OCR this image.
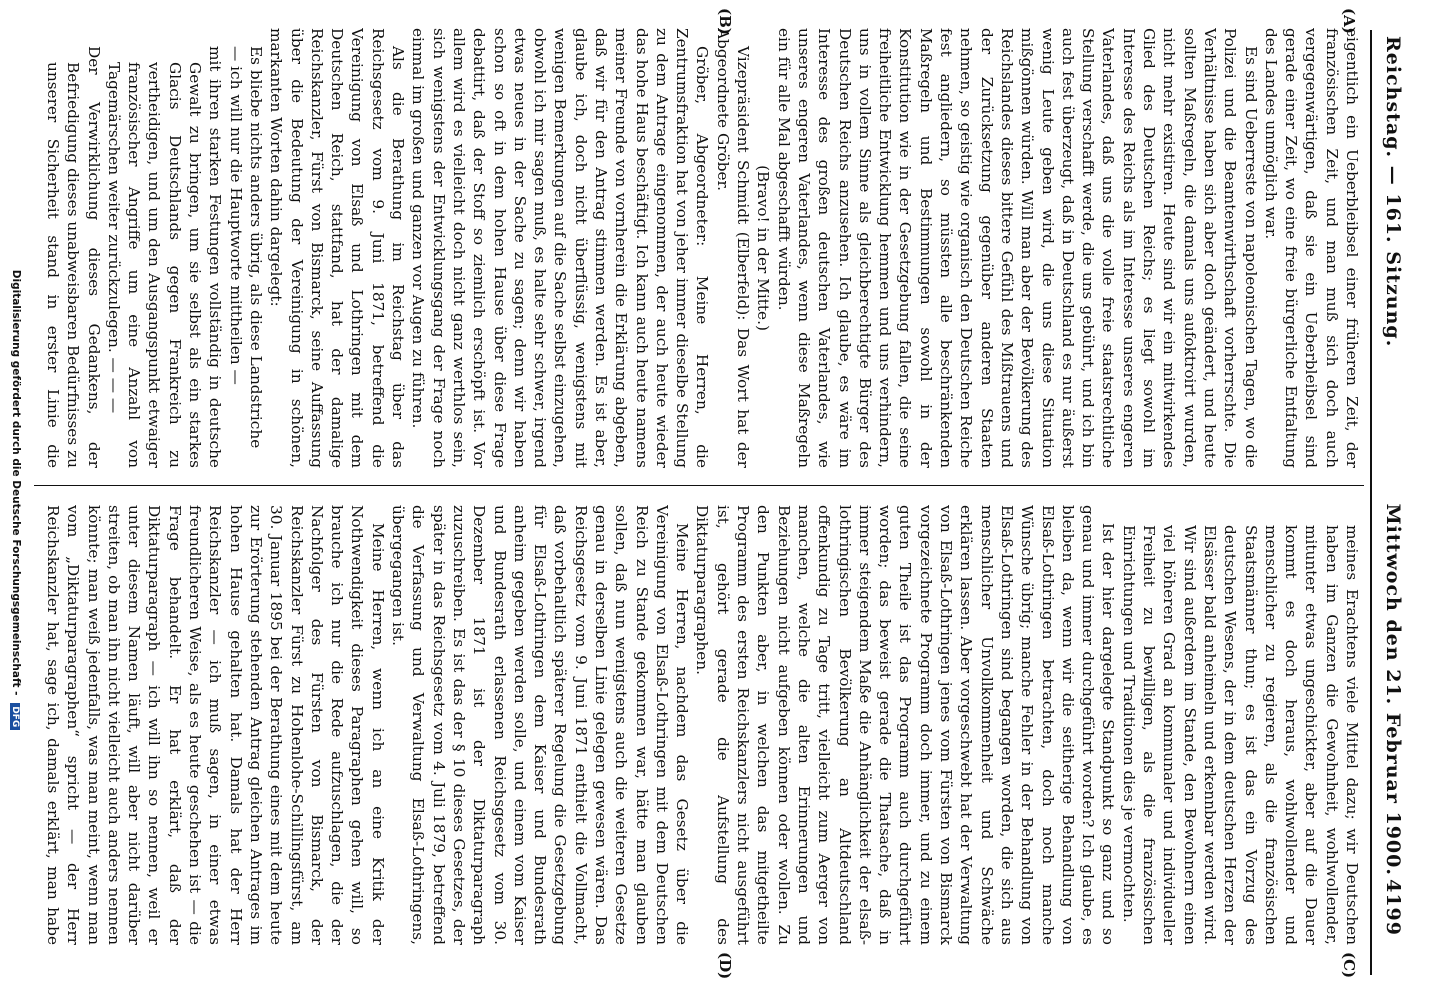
Reichstag. — 161. Sitzung.
Mittwoch den 21. Februar 1900.
4199
(A)
(B)
(C)
(D)

eigentlich ein Ueberbleibsel einer früheren Zeit, der französischen Zeit, und man muß sich doch auch vergegenwärtigen, daß sie ein Ueberbleibsel sind gerade einer Zeit, wo eine freie bürgerliche Entfaltung des Landes unmöglich war.

Es sind Ueberreste von napoleonischen Tagen, wo die Polizei und die Beamtenwirthschaft vorherrschte. Die Verhältnisse haben sich aber doch geändert, und heute sollten Maßregeln, die damals uns aufoktroirt wurden, nicht mehr existiren. Heute sind wir ein mitwirkendes Glied des Deutschen Reichs; es liegt sowohl im Interesse des Reichs als im Interesse unseres engeren Vaterlandes, daß uns die volle freie staatsrechtliche Stellung verschafft werde, die uns gebührt, und ich bin auch fest überzeugt, daß in Deutschland es nur äußerst wenig Leute geben wird, die uns diese Situation mißgönnen würden. Will man aber der Bevölkerung des Reichslandes dieses bittere Gefühl des Mißtrauens und der Zurücksetzung gegenüber anderen Staaten nehmen, so geistig wie organisch den Deutschen Reiche fest angliedern, so müssten alle beschränkenden Maßregeln und Bestimmungen sowohl in der Konstitution wie in der Gesetzgebung fallen, die seine freiheitliche Entwicklung hemmen und uns verhindern, uns in vollem Sinne als gleichberechtigte Bürger des Deutschen Reichs anzusehen. Ich glaube, es wäre im Interesse des großen deutschen Vaterlandes, wie unseres engeren Vaterlandes, wenn diese Maßregeln ein für alle Mal abgeschafft würden.

(Bravo! in der Mitte.)

Vizepräsident Schmidt (Elberfeld): Das Wort hat der Abgeordnete Gröber.

Gröber, Abgeordneter: Meine Herren, die Zentrumsfraktion hat von jeher immer dieselbe Stellung zu dem Antrage eingenommen, der auch heute wieder das hohe Haus beschäftigt. Ich kann auch heute namens meiner Freunde von vornherein die Erklärung abgeben, daß wir für den Antrag stimmen werden. Es ist aber, glaube ich, doch nicht überflüssig, wenigstens mit wenigen Bemerkungen auf die Sache selbst einzugehen, obwohl ich mir sagen muß, es halte sehr schwer, irgend etwas neues in der Sache zu sagen; denn wir haben schon so oft in dem hohen Hause über diese Frage debattirt, daß der Stoff so ziemlich erschöpft ist. Vor allem wird es vielleicht doch nicht ganz werthlos sein, sich wenigstens der Entwicklungsgang der Frage noch einmal im großen und ganzen vor Augen zu führen.

Als die Berathung im Reichstag über das Reichsgesetz vom 9. Juni 1871, betreffend die Vereinigung von Elsaß und Lothringen mit dem Deutschen Reich, stattfand, hat der damalige Reichskanzler, Fürst von Bismarck, seine Auffassung über die Bedeutung der Vereinigung in schönen, markanten Worten dahin dargelegt:

Es bliebe nichts anders übrig, als diese Landstriche

— ich will nur die Hauptworte mittheilen —

mit ihren starken Festungen vollständig in deutsche Gewalt zu bringen, um sie selbst als ein starkes Glacis Deutschlands gegen Frankreich zu vertheidigen, und um den Ausgangspunkt etwaiger französischer Angriffe um eine Anzahl von Tagemärschen weiter zurückzulegen. — — —

Der Verwirklichung dieses Gedankens, der Befriedigung dieses unabweisbaren Bedürfnisses zu unserer Sicherheit stand in erster Linie die

meines Erachtens viele Mittel dazu; wir Deutschen haben im Ganzen die Gewohnheit, wohlwollender, mitunter etwas ungeschickter, aber auf die Dauer kommt es doch heraus, wohlwollender und menschlicher zu regieren, als die französischen Staatsmänner thun; es ist das ein Vorzug des deutschen Wesens, der in dem deutschen Herzen der Elsässer bald anheimeln und erkennbar werden wird. Wir sind außerdem im Stande, den Bewohnern einen viel höheren Grad an kommunaler und individueller Freiheit zu bewilligen, als die französischen Einrichtungen und Traditionen dies je vermochten.

Ist der hier dargelegte Standpunkt so ganz und so genau und immer durchgeführt worden? Ich glaube, es bleiben da, wenn wir die seitherige Behandlung von Elsaß-Lothringen betrachten, doch noch manche Wünsche übrig; manche Fehler in der Behandlung von Elsaß-Lothringen sind begangen worden, die sich aus menschlicher Unvollkommenheit und Schwäche erklären lassen. Aber vorgeschwebt hat der Verwaltung von Elsaß-Lothringen jenes vom Fürsten von Bismarck vorgezeichnete Programm doch immer, und zu einem guten Theile ist das Programm auch durchgeführt worden; das beweist gerade die Thatsache, daß in immer steigendem Maße die Anhänglichkeit der elsaß-lothringischen Bevölkerung an Altdeutschland offenkundig zu Tage tritt, vielleicht zum Aerger von manchen, welche die alten Erinnerungen und Beziehungen nicht aufgeben können oder wollen. Zu den Punkten aber, in welchen das mitgetheilte Programm des ersten Reichskanzlers nicht ausgeführt ist, gehört gerade die Aufstellung des Diktaturparagraphen.

Meine Herren, nachdem das Gesetz über die Vereinigung von Elsaß-Lothringen mit dem Deutschen Reich zu Stande gekommen war, hätte man glauben sollen, daß nun wenigstens auch die weiteren Gesetze genau in derselben Linie gelegen gewesen wären. Das Reichsgesetz vom 9. Juni 1871 enthielt die Vollmacht, daß vorbehaltlich späterer Regelung die Gesetzgebung für Elsaß-Lothringen dem Kaiser und Bundesrath anheim gegeben werden solle, und einem vom Kaiser und Bundesrath erlassenen Reichsgesetz vom 30. Dezember 1871 ist der Diktaturparagraph zuzuschreiben. Es ist das der § 10 dieses Gesetzes, der später in das Reichsgesetz vom 4. Juli 1879, betreffend die Verfassung und Verwaltung Elsaß-Lothringens, übergegangen ist.

Meine Herren, wenn ich an eine Kritik der Nothwendigkeit dieses Paragraphen gehen will, so brauche ich nur die Rede aufzuschlagen, die der Nachfolger des Fürsten von Bismarck, der Reichskanzler Fürst zu Hohenlohe-Schillingsfürst, am 30. Januar 1895 bei der Berathung eines mit dem heute zur Erörterung stehenden Antrag gleichen Antrages im hohen Hause gehalten hat. Damals hat der Herr Reichskanzler — ich muß sagen, in einer etwas freundlicheren Weise, als es heute geschehen ist — die Frage behandelt. Er hat erklärt, daß der Diktaturparagraph — ich will ihn so nennen, weil er unter diesem Namen läuft, will aber nicht darüber streiten, ob man ihn nicht vielleicht auch anders nennen könnte; man weiß jedenfalls, was man meint, wenn man vom „Diktaturparagraphen“ spricht — der Herr Reichskanzler hat, sage ich, damals erklärt, man habe

Digitalisierung gefördert durch die Deutsche Forschungsgemeinschaft - DFG
